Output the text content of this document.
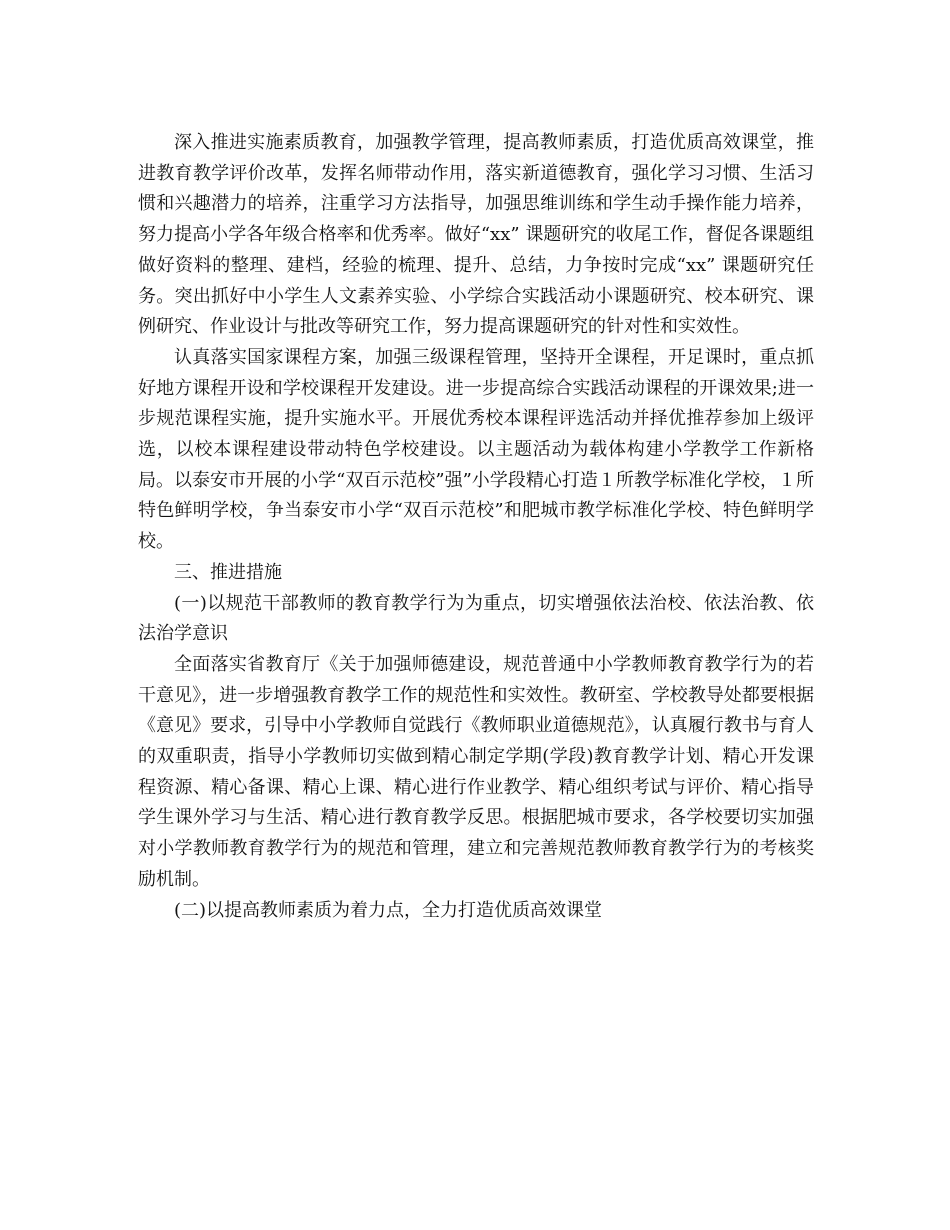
深入推进实施素质教育，加强教学管理，提高教师素质，打造优质高效课堂，推进教育教学评价改革，发挥名师带动作用，落实新道德教育，强化学习习惯、生活习惯和兴趣潜力的培养，注重学习方法指导，加强思维训练和学生动手操作能力培养，努力提高小学各年级合格率和优秀率。做好“xx” 课题研究的收尾工作，督促各课题组做好资料的整理、建档，经验的梳理、提升、总结，力争按时完成“xx” 课题研究任务。突出抓好中小学生人文素养实验、小学综合实践活动小课题研究、校本研究、课例研究、作业设计与批改等研究工作，努力提高课题研究的针对性和实效性。

认真落实国家课程方案，加强三级课程管理，坚持开全课程，开足课时，重点抓好地方课程开设和学校课程开发建设。进一步提高综合实践活动课程的开课效果;进一步规范课程实施，提升实施水平。开展优秀校本课程评选活动并择优推荐参加上级评选，以校本课程建设带动特色学校建设。以主题活动为载体构建小学教学工作新格局。以泰安市开展的小学“双百示范校”强”小学段精心打造１所教学标准化学校，１所特色鲜明学校，争当泰安市小学“双百示范校”和肥城市教学标准化学校、特色鲜明学校。

三、推进措施

(一)以规范干部教师的教育教学行为为重点，切实增强依法治校、依法治教、依法治学意识

全面落实省教育厅《关于加强师德建设，规范普通中小学教师教育教学行为的若干意见》，进一步增强教育教学工作的规范性和实效性。教研室、学校教导处都要根据《意见》要求，引导中小学教师自觉践行《教师职业道德规范》，认真履行教书与育人的双重职责，指导小学教师切实做到精心制定学期(学段)教育教学计划、精心开发课程资源、精心备课、精心上课、精心进行作业教学、精心组织考试与评价、精心指导学生课外学习与生活、精心进行教育教学反思。根据肥城市要求，各学校要切实加强对小学教师教育教学行为的规范和管理，建立和完善规范教师教育教学行为的考核奖励机制。

(二)以提高教师素质为着力点，全力打造优质高效课堂
